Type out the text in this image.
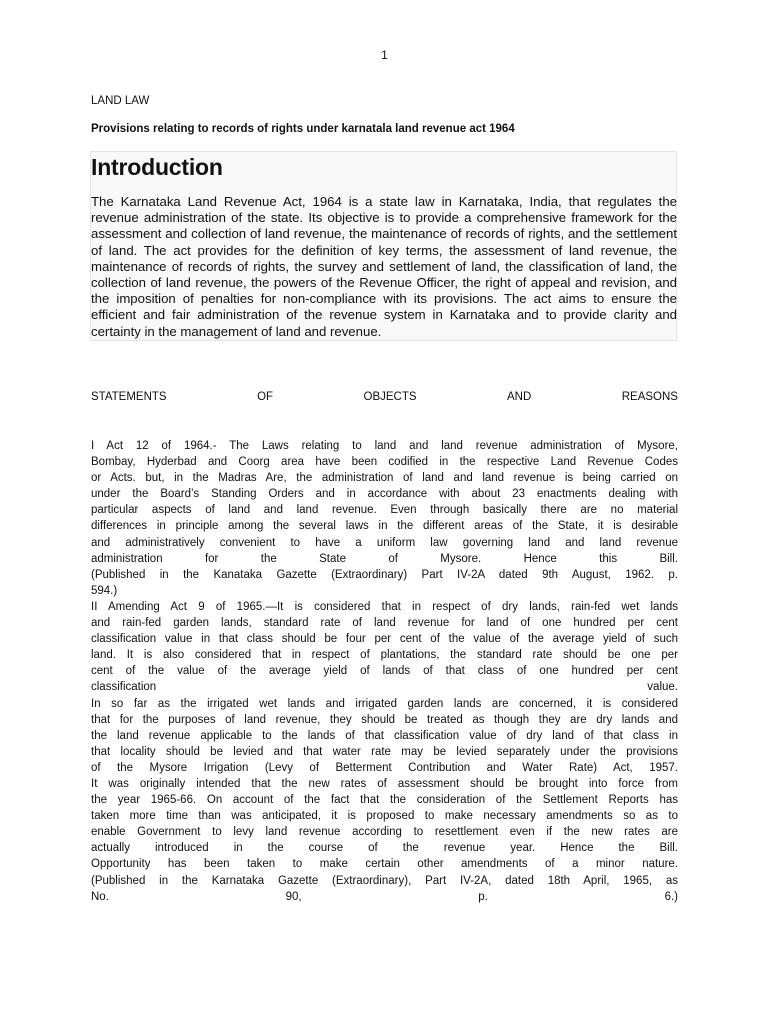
1
LAND LAW
Provisions relating to records of rights under karnatala land revenue act 1964
Introduction
The Karnataka Land Revenue Act, 1964 is a state law in Karnataka, India, that regulates the revenue administration of the state. Its objective is to provide a comprehensive framework for the assessment and collection of land revenue, the maintenance of records of rights, and the settlement of land. The act provides for the definition of key terms, the assessment of land revenue, the maintenance of records of rights, the survey and settlement of land, the classification of land, the collection of land revenue, the powers of the Revenue Officer, the right of appeal and revision, and the imposition of penalties for non-compliance with its provisions. The act aims to ensure the efficient and fair administration of the revenue system in Karnataka and to provide clarity and certainty in the management of land and revenue.
STATEMENTS	OF	OBJECTS	AND	REASONS
I Act 12 of 1964.- The Laws relating to land and land revenue administration of Mysore,
Bombay, Hyderbad and Coorg area have been codified in the respective Land Revenue Codes
or Acts. but, in the Madras Are, the administration of land and land revenue is being carried on
under the Board’s Standing Orders and in accordance with about 23 enactments dealing with
particular aspects of land and land revenue. Even through basically there are no material
differences in principle among the several laws in the different areas of the State, it is desirable
and administratively convenient to have a uniform law governing land and land revenue
administration for the State of Mysore. Hence this Bill.
(Published in the Kanataka Gazette (Extraordinary) Part IV-2A dated 9th August, 1962. p.
594.)
II Amending Act 9 of 1965.—It is considered that in respect of dry lands, rain-fed wet lands
and rain-fed garden lands, standard rate of land revenue for land of one hundred per cent
classification value in that class should be four per cent of the value of the average yield of such
land. It is also considered that in respect of plantations, the standard rate should be one per
cent of the value of the average yield of lands of that class of one hundred per cent
classification value.
In so far as the irrigated wet lands and irrigated garden lands are concerned, it is considered
that for the purposes of land revenue, they should be treated as though they are dry lands and
the land revenue applicable to the lands of that classification value of dry land of that class in
that locality should be levied and that water rate may be levied separately under the provisions
of the Mysore Irrigation (Levy of Betterment Contribution and Water Rate) Act, 1957.
It was originally intended that the new rates of assessment should be brought into force from
the year 1965-66. On account of the fact that the consideration of the Settlement Reports has
taken more time than was anticipated, it is proposed to make necessary amendments so as to
enable Government to levy land revenue according to resettlement even if the new rates are
actually introduced in the course of the revenue year. Hence the Bill.
Opportunity has been taken to make certain other amendments of a minor nature.
(Published in the Karnataka Gazette (Extraordinary), Part IV-2A, dated 18th April, 1965, as
No. 90, p. 6.)
